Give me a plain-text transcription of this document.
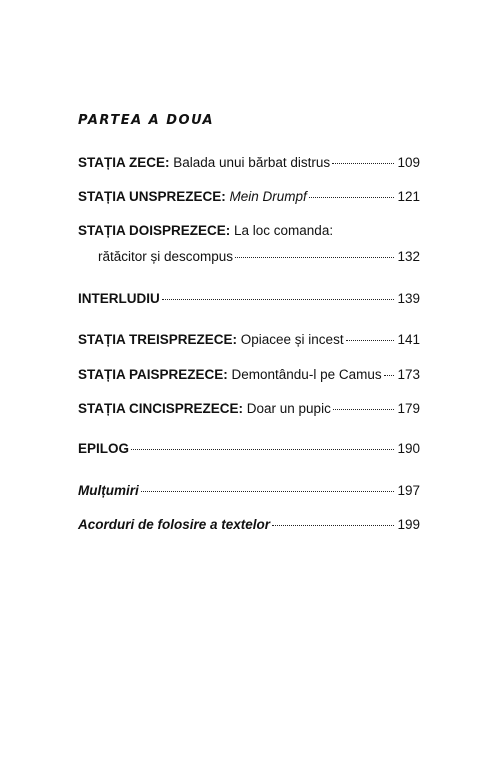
PARTEA A DOUA
STAȚIA ZECE: Balada unui bărbat distrus	109
STAȚIA UNSPREZECE: Mein Drumpf	121
STAȚIA DOISPREZECE: La loc comanda:
rătăcitor și descompus	132
INTERLUDIU	139
STAȚIA TREISPREZECE: Opiacee și incest	141
STAȚIA PAISPREZECE: Demontându-l pe Camus 173
STAȚIA CINCISPREZECE: Doar un pupic	179
EPILOG	190
Mulțumiri	197
Acorduri de folosire a textelor	199
